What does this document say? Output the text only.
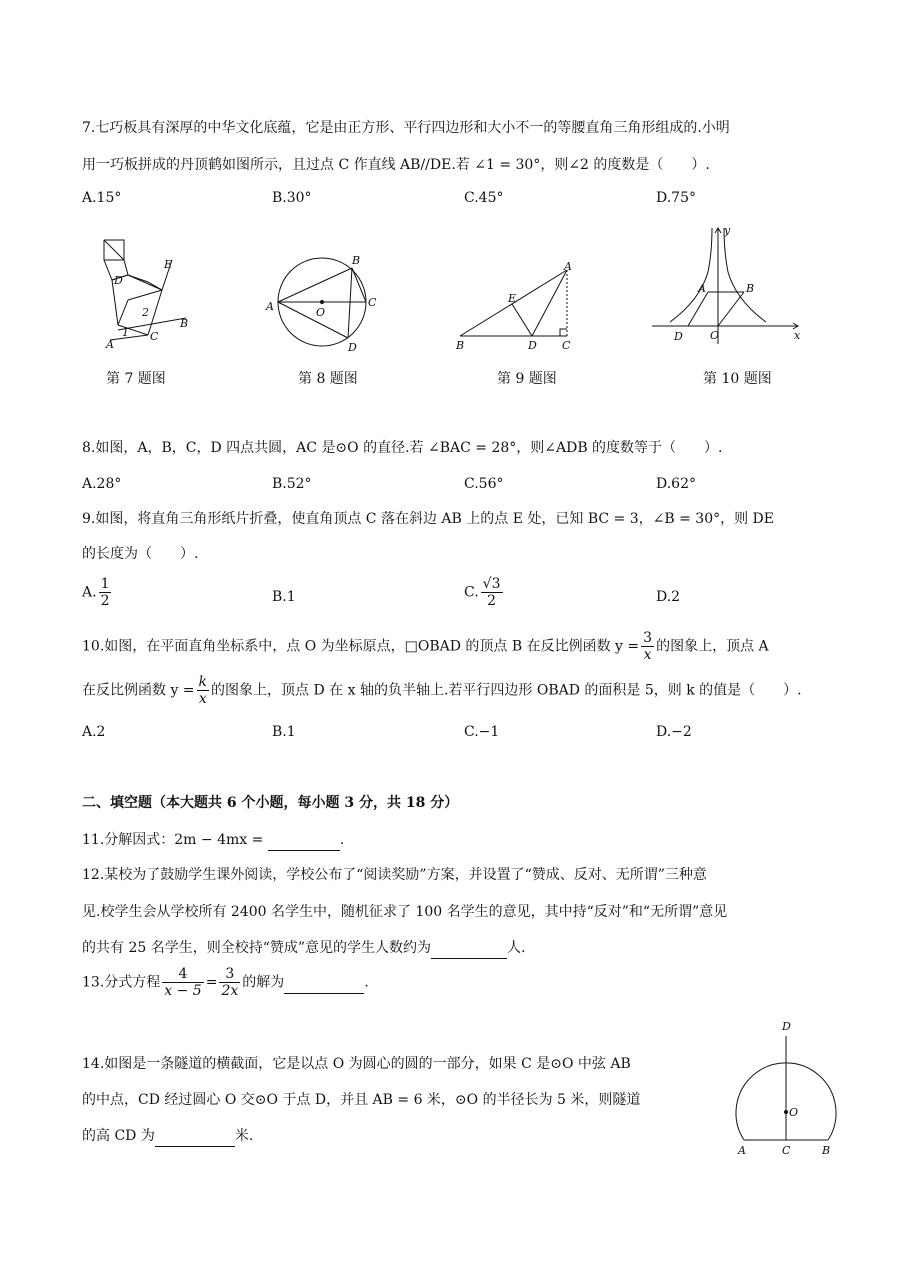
7.七巧板具有深厚的中华文化底蕴，它是由正方形、平行四边形和大小不一的等腰直角三角形组成的.小明
用一巧板拼成的丹顶鹤如图所示，且过点 C 作直线 AB//DE.若 ∠1 = 30°，则∠2 的度数是（　　）.
A.15°	B.30°	C.45°	D.75°
D
E
2
1 C
B
A
A
B
C
D
O
A
E
B	D C
y
A	B
D O	x
第 7 题图	第 8 题图	第 9 题图	第 10 题图
8.如图，A，B，C，D 四点共圆，AC 是⊙O 的直径.若 ∠BAC = 28°，则∠ADB 的度数等于（　　）.
A.28°	B.52°	C.56°	D.62°
9.如图，将直角三角形纸片折叠，使直角顶点 C 落在斜边 AB 上的点 E 处，已知 BC = 3，∠B = 30°，则 DE
的长度为（　　）.
A. $\frac{1}{2}$	B.1	C. $\frac{√3}{2}$	D.2
10.如图，在平面直角坐标系中，点 O 为坐标原点，□OBAD 的顶点 B 在反比例函数 $y = \frac{3}{x}$ 的图象上，顶点 A
在反比例函数 $y = \frac{k}{x}$ 的图象上，顶点 D 在 x 轴的负半轴上.若平行四边形 OBAD 的面积是 5，则 k 的值是（　　）.
A.2	B.1	C.−1	D.−2
二、填空题（本大题共 6 个小题，每小题 3 分，共 18 分）
11.分解因式：2m − 4mx =	.
12.某校为了鼓励学生课外阅读，学校公布了“阅读奖励”方案，并设置了“赞成、反对、无所谓”三种意
见.校学生会从学校所有 2400 名学生中，随机征求了 100 名学生的意见，其中持“反对”和“无所谓”意见
的共有 25 名学生，则全校持“赞成”意见的学生人数约为	人.
13.分式方程 $\frac{4}{x - 5} = \frac{3}{2x}$ 的解为	.
14.如图是一条隧道的横截面，它是以点 O 为圆心的圆的一部分，如果 C 是⊙O 中弦 AB
的中点，CD 经过圆心 O 交⊙O 于点 D，并且 AB = 6 米，⊙O 的半径长为 5 米，则隧道
的高 CD 为	米.
D
O
A	C	B
